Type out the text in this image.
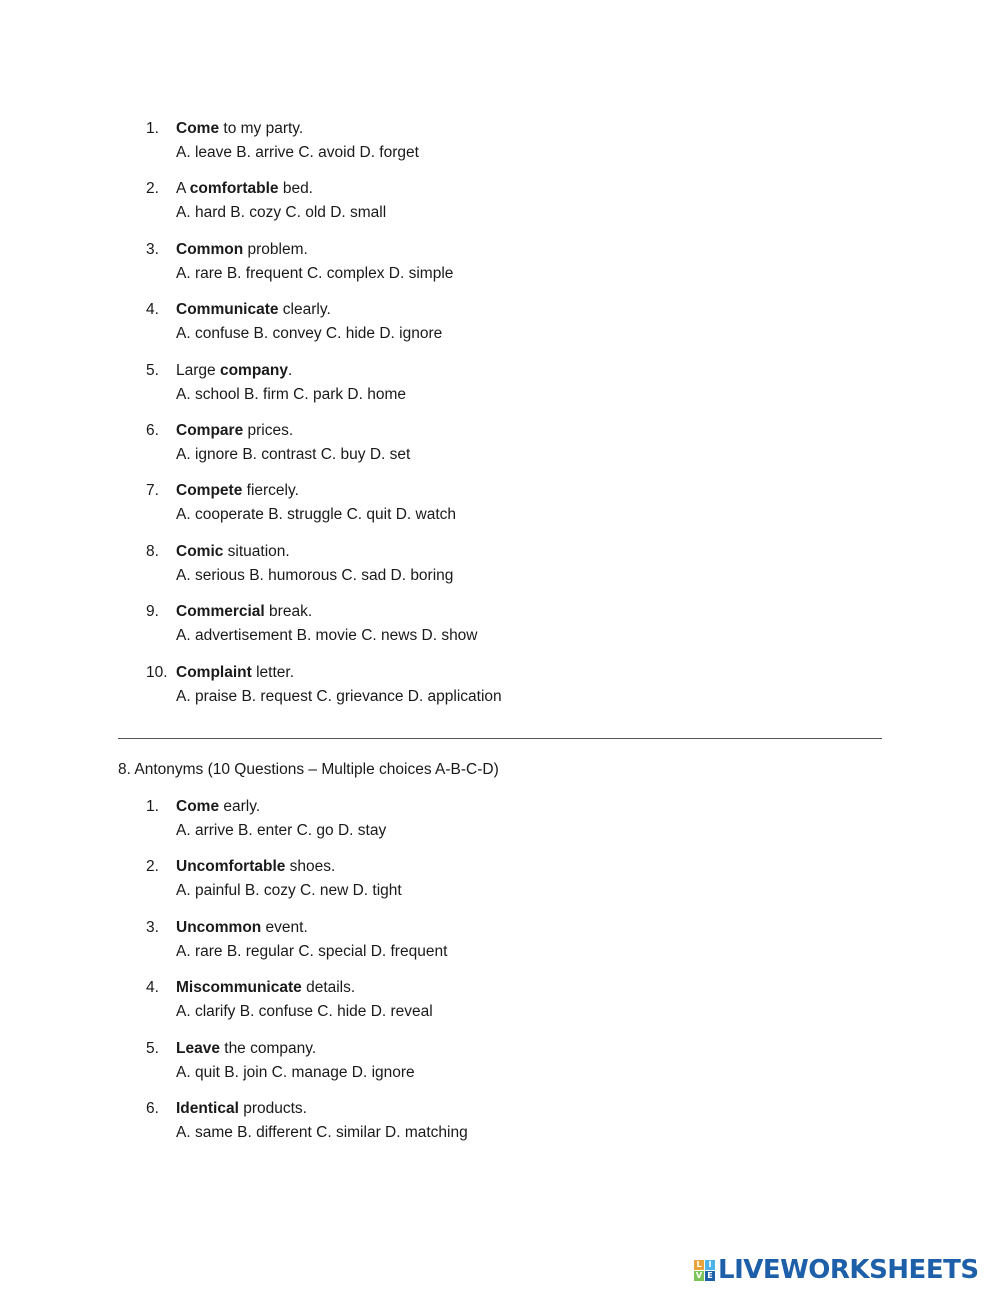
1.	Come to my party.
A. leave B. arrive C. avoid D. forget
2.	A comfortable bed.
A. hard B. cozy C. old D. small
3.	Common problem.
A. rare B. frequent C. complex D. simple
4.	Communicate clearly.
A. confuse B. convey C. hide D. ignore
5.	Large company.
A. school B. firm C. park D. home
6.	Compare prices.
A. ignore B. contrast C. buy D. set
7.	Compete fiercely.
A. cooperate B. struggle C. quit D. watch
8.	Comic situation.
A. serious B. humorous C. sad D. boring
9.	Commercial break.
A. advertisement B. movie C. news D. show
10. Complaint letter.
A. praise B. request C. grievance D. application
8. Antonyms (10 Questions – Multiple choices A-B-C-D)
1.	Come early.
A. arrive B. enter C. go D. stay
2.	Uncomfortable shoes.
A. painful B. cozy C. new D. tight
3.	Uncommon event.
A. rare B. regular C. special D. frequent
4.	Miscommunicate details.
A. clarify B. confuse C. hide D. reveal
5.	Leave the company.
A. quit B. join C. manage D. ignore
6.	Identical products.
A. same B. different C. similar D. matching
L I
V E LIVEWORKSHEETS
